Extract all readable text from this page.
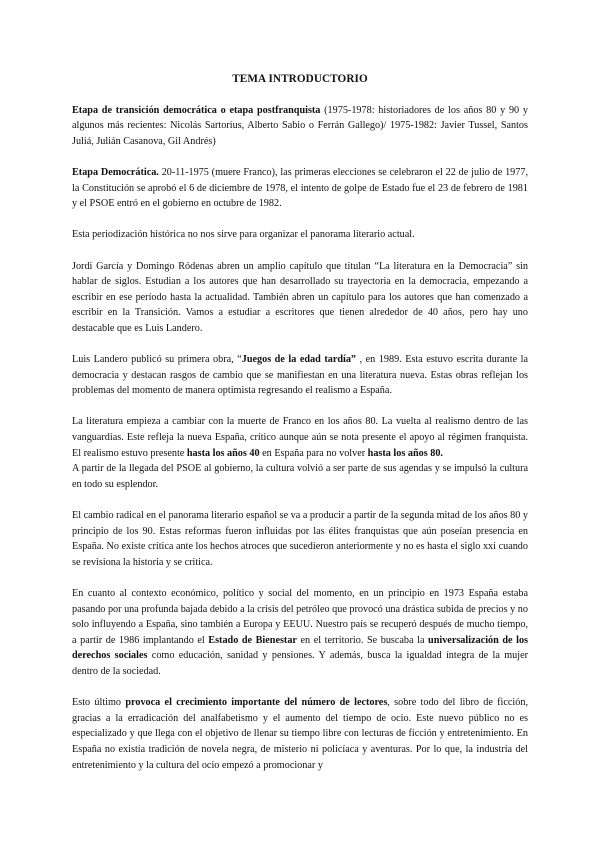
TEMA INTRODUCTORIO

Etapa de transición democrática o etapa postfranquista (1975-1978: historiadores de los años 80 y 90 y algunos más recientes: Nicolás Sartorius, Alberto Sabio o Ferrán Gallego)/ 1975-1982: Javier Tussel, Santos Juliá, Julián Casanova, Gil Andrés)

Etapa Democrática. 20-11-1975 (muere Franco), las primeras elecciones se celebraron el 22 de julio de 1977, la Constitución se aprobó el 6 de diciembre de 1978, el intento de golpe de Estado fue el 23 de febrero de 1981 y el PSOE entró en el gobierno en octubre de 1982.

Esta periodización histórica no nos sirve para organizar el panorama literario actual.

Jordi García y Domingo Ródenas abren un amplio capítulo que titulan “La literatura en la Democracia” sin hablar de siglos. Estudian a los autores que han desarrollado su trayectoria en la democracia, empezando a escribir en ese período hasta la actualidad. También abren un capítulo para los autores que han comenzado a escribir en la Transición. Vamos a estudiar a escritores que tienen alrededor de 40 años, pero hay uno destacable que es Luis Landero.

Luis Landero publicó su primera obra, “Juegos de la edad tardía” , en 1989. Esta estuvo escrita durante la democracia y destacan rasgos de cambio que se manifiestan en una literatura nueva. Estas obras reflejan los problemas del momento de manera optimista regresando el realismo a España.

La literatura empieza a cambiar con la muerte de Franco en los años 80. La vuelta al realismo dentro de las vanguardias. Este refleja la nueva España, crítico aunque aún se nota presente el apoyo al régimen franquista. El realismo estuvo presente hasta los años 40 en España para no volver hasta los años 80.

A partir de la llegada del PSOE al gobierno, la cultura volvió a ser parte de sus agendas y se impulsó la cultura en todo su esplendor.

El cambio radical en el panorama literario español se va a producir a partir de la segunda mitad de los años 80 y principio de los 90. Estas reformas fueron influidas por las élites franquistas que aún poseían presencia en España. No existe crítica ante los hechos atroces que sucedieron anteriormente y no es hasta el siglo xxi cuando se revisiona la historia y se critica.

En cuanto al contexto económico, político y social del momento, en un principio en 1973 España estaba pasando por una profunda bajada debido a la crisis del petróleo que provocó una drástica subida de precios y no solo influyendo a España, sino también a Europa y EEUU. Nuestro país se recuperó después de mucho tiempo, a partir de 1986 implantando el Estado de Bienestar en el territorio. Se buscaba la universalización de los derechos sociales como educación, sanidad y pensiones. Y además, busca la igualdad íntegra de la mujer dentro de la sociedad.

Esto último provoca el crecimiento importante del número de lectores, sobre todo del libro de ficción, gracias a la erradicación del analfabetismo y el aumento del tiempo de ocio. Este nuevo público no es especializado y que llega con el objetivo de llenar su tiempo libre con lecturas de ficción y entretenimiento. En España no existía tradición de novela negra, de misterio ni policíaca y aventuras. Por lo que, la industria del entretenimiento y la cultura del ocio empezó a promocionar y
